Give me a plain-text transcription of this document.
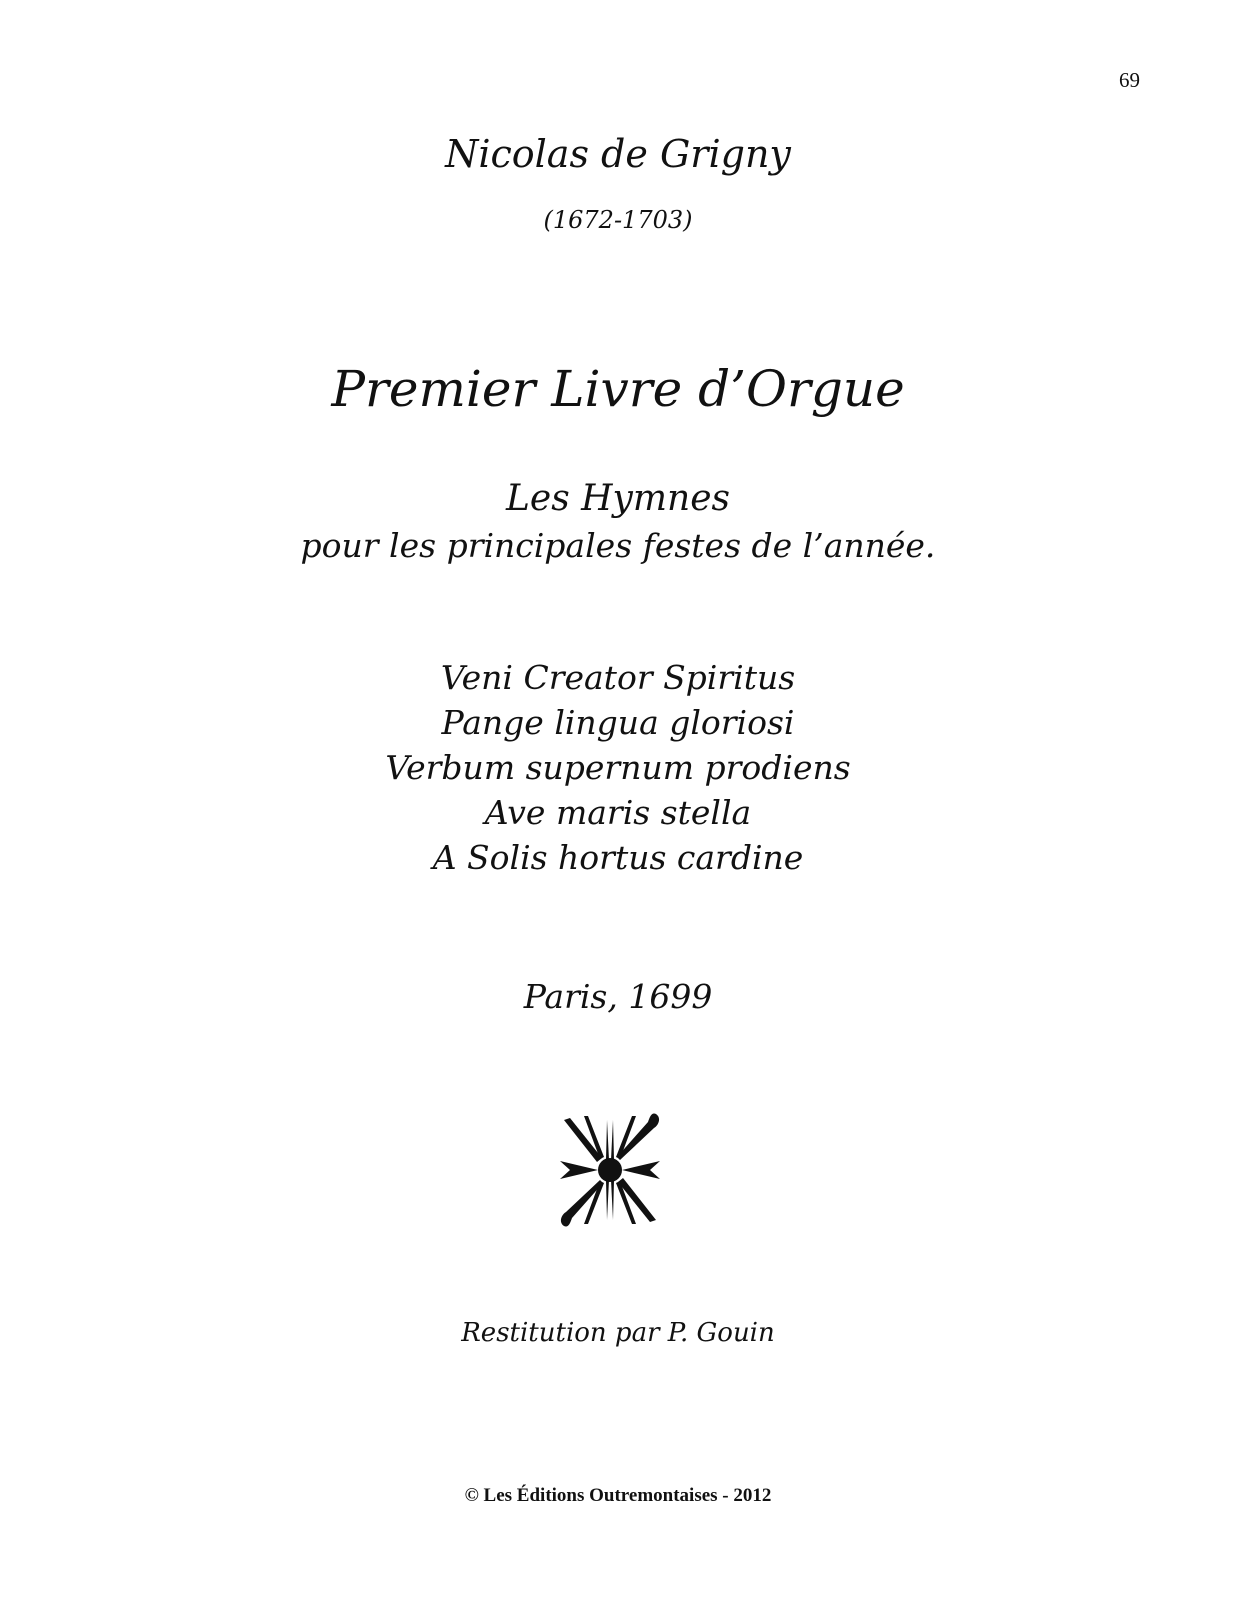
69
Nicolas de Grigny
(1672-1703)
Premier Livre d’Orgue
Les Hymnes
pour les principales festes de l’année.
Veni Creator Spiritus
Pange lingua gloriosi
Verbum supernum prodiens
Ave maris stella
A Solis hortus cardine
Paris, 1699
Restitution par P. Gouin
© Les Éditions Outremontaises - 2012
